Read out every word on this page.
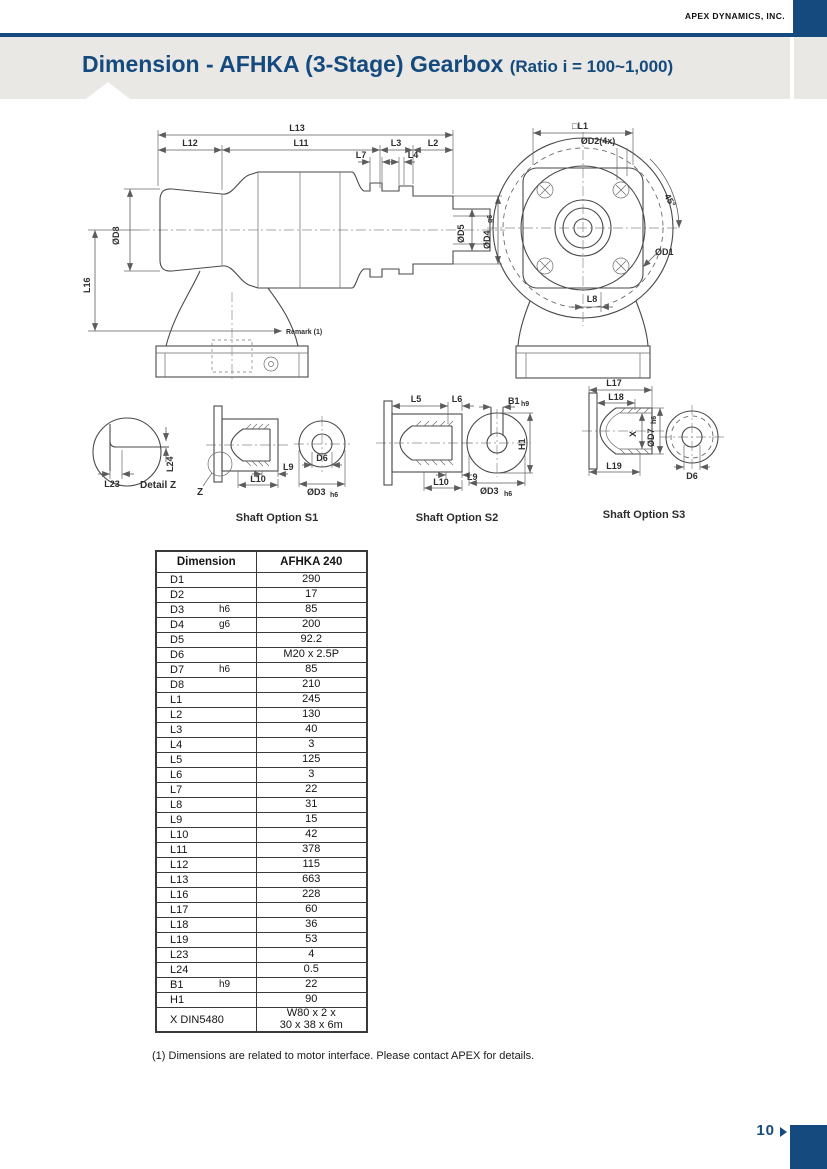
APEX DYNAMICS, INC.
Dimension - AFHKA (3-Stage) Gearbox (Ratio i = 100~1,000)
L13
L12	L11	L3	L2
L7	L4
ØD8
L16
Remark (1)
ØD5 ØD4
g6
□L1
ØD2(4x)
45°
ØD1
L8
L24
L23 Detail Z
Z
L9
L10
D6
ØD3 h6
Shaft Option S1
L5	L6
L9
L10
B1 h9
H1
ØD3 h6
Shaft Option S2
L17
L18
L19
X ØD7
h6
D6
Shaft Option S3
Dimension	AFHKA 240
D1	290

D2	17

D3 h6	85

D4 g6	200

D5	92.2

D6	M20 x 2.5P

D7 h6	85

D8	210

L1	245

L2	130

L3	40

L4	3

L5	125

L6	3

L7	22

L8	31

L9	15

L10	42

L11	378

L12	115

L13	663

L16	228

L17	60

L18	36

L19	53

L23	4

L24	0.5

B1 h9	22

H1	90

X DIN5480	W80 x 2 x
30 x 38 x 6m
(1) Dimensions are related to motor interface. Please contact APEX for details.
10
